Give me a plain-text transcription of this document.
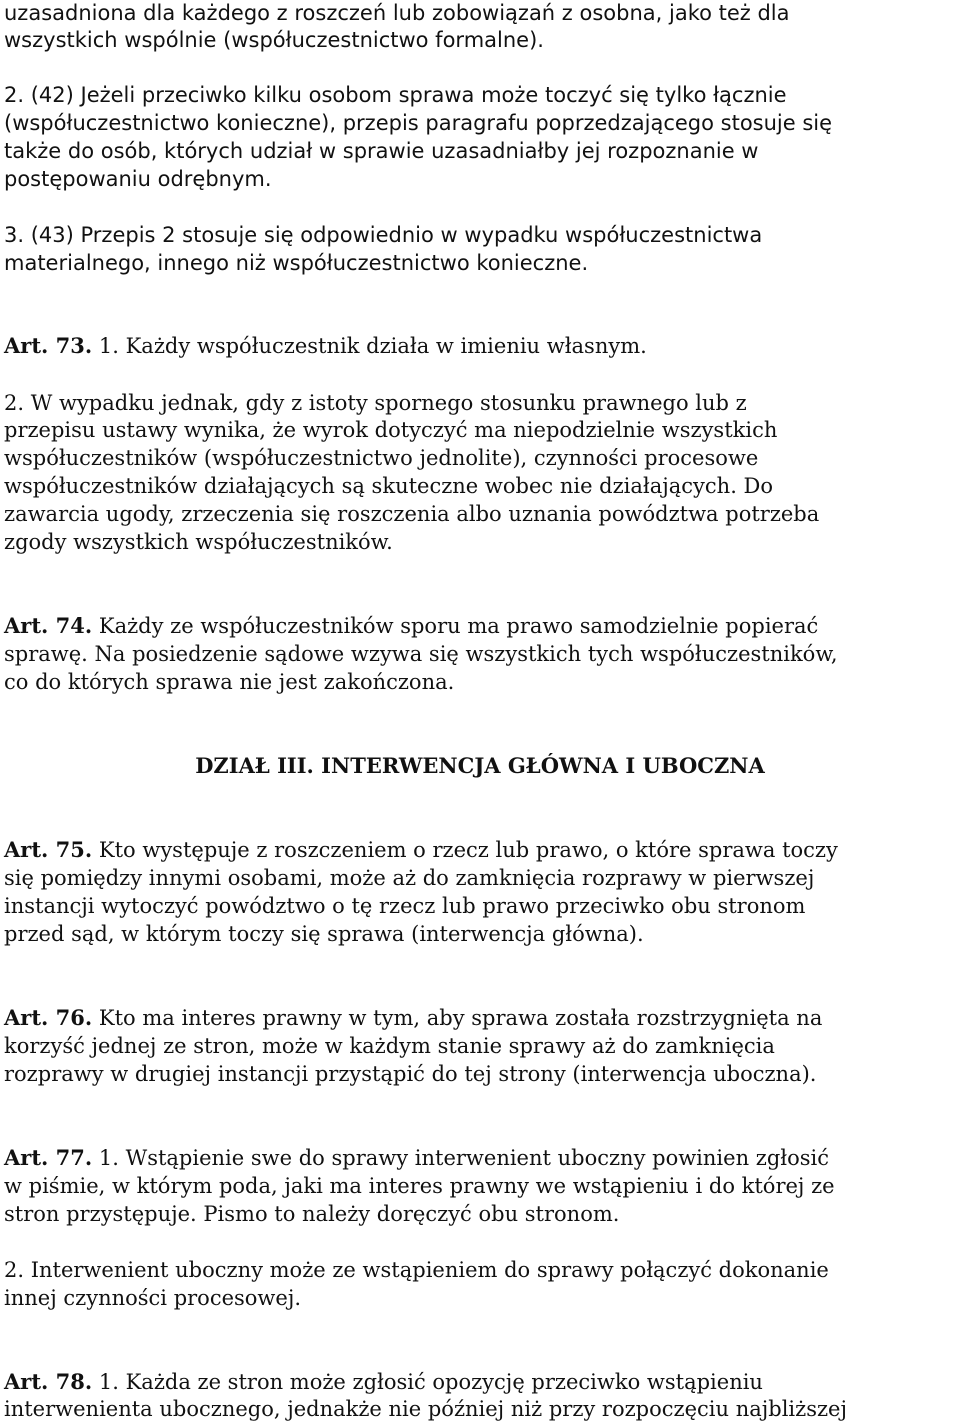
uzasadniona dla każdego z roszczeń lub zobowiązań z osobna, jako też dla
wszystkich wspólnie (współuczestnictwo formalne).
2. (42) Jeżeli przeciwko kilku osobom sprawa może toczyć się tylko łącznie
(współuczestnictwo konieczne), przepis paragrafu poprzedzającego stosuje się
także do osób, których udział w sprawie uzasadniałby jej rozpoznanie w
postępowaniu odrębnym.
3. (43) Przepis 2 stosuje się odpowiednio w wypadku współuczestnictwa
materialnego, innego niż współuczestnictwo konieczne.
Art. 73. 1. Każdy współuczestnik działa w imieniu własnym.
2. W wypadku jednak, gdy z istoty spornego stosunku prawnego lub z
przepisu ustawy wynika, że wyrok dotyczyć ma niepodzielnie wszystkich
współuczestników (współuczestnictwo jednolite), czynności procesowe
współuczestników działających są skuteczne wobec nie działających. Do
zawarcia ugody, zrzeczenia się roszczenia albo uznania powództwa potrzeba
zgody wszystkich współuczestników.
Art. 74. Każdy ze współuczestników sporu ma prawo samodzielnie popierać
sprawę. Na posiedzenie sądowe wzywa się wszystkich tych współuczestników,
co do których sprawa nie jest zakończona.
DZIAŁ III. INTERWENCJA GŁÓWNA I UBOCZNA
Art. 75. Kto występuje z roszczeniem o rzecz lub prawo, o które sprawa toczy
się pomiędzy innymi osobami, może aż do zamknięcia rozprawy w pierwszej
instancji wytoczyć powództwo o tę rzecz lub prawo przeciwko obu stronom
przed sąd, w którym toczy się sprawa (interwencja główna).
Art. 76. Kto ma interes prawny w tym, aby sprawa została rozstrzygnięta na
korzyść jednej ze stron, może w każdym stanie sprawy aż do zamknięcia
rozprawy w drugiej instancji przystąpić do tej strony (interwencja uboczna).
Art. 77. 1. Wstąpienie swe do sprawy interwenient uboczny powinien zgłosić
w piśmie, w którym poda, jaki ma interes prawny we wstąpieniu i do której ze
stron przystępuje. Pismo to należy doręczyć obu stronom.
2. Interwenient uboczny może ze wstąpieniem do sprawy połączyć dokonanie
innej czynności procesowej.
Art. 78. 1. Każda ze stron może zgłosić opozycję przeciwko wstąpieniu
interwenienta ubocznego, jednakże nie później niż przy rozpoczęciu najbliższej
